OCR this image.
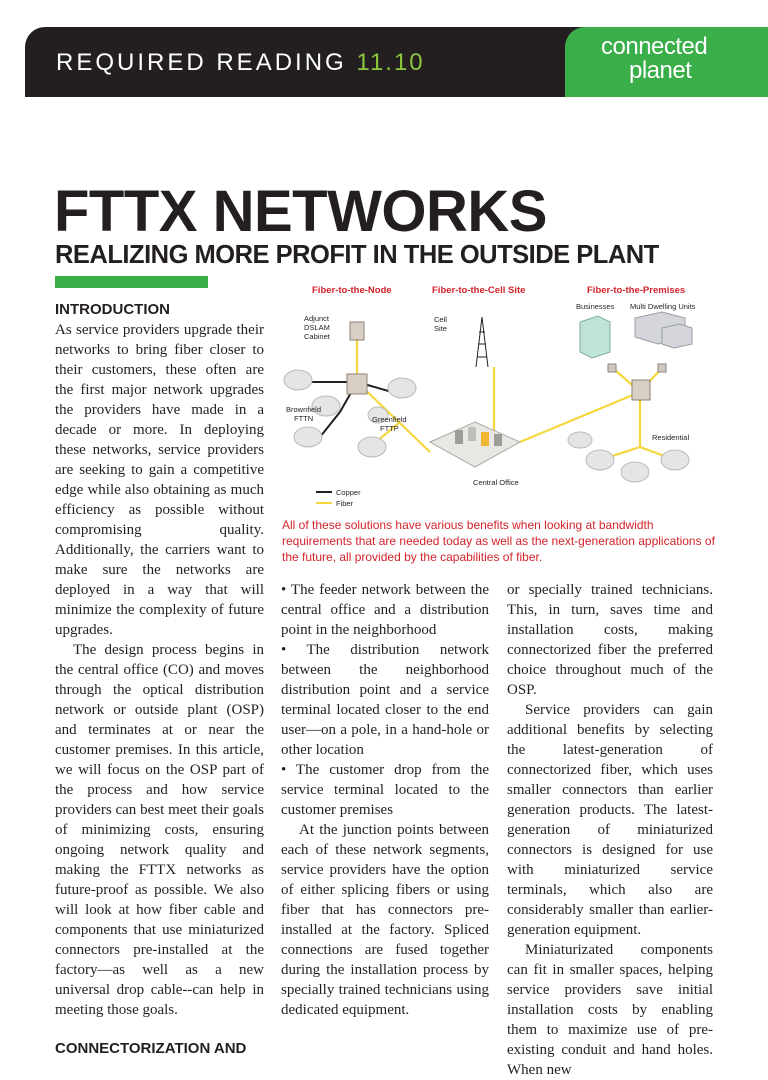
REQUIRED READING 11.10
connected
planet
FTTX NETWORKS
REALIZING MORE PROFIT IN THE OUTSIDE PLANT

INTRODUCTION

As service providers upgrade their networks to bring fiber closer to their customers, these often are the first major network upgrades the providers have made in a decade or more. In deploying these networks, service providers are seeking to gain a competitive edge while also obtaining as much efficiency as possible without compromising quality. Additionally, the carriers want to make sure the networks are deployed in a way that will minimize the complexity of future upgrades.

The design process begins in the central office (CO) and moves through the optical distribution network or outside plant (OSP) and terminates at or near the customer premises. In this article, we will focus on the OSP part of the process and how service providers can best meet their goals of minimizing costs, ensuring ongoing network quality and making the FTTX networks as future-proof as possible. We also will look at how fiber cable and components that use miniaturized connectors pre-installed at the factory—as well as a new universal drop cable--can help in meeting those goals.

CONNECTORIZATION AND

Fiber-to-the-Node	Fiber-to-the-Cell Site	Fiber-to-the-Premises
Adjunct
DSLAM
Cabinet
Cell
Site
Businesses Multi Dwelling Units
Brownfield
FTTN	Greenfield
FTTP
Residential
Central Office
Copper
Fiber
All of these solutions have various benefits when looking at bandwidth requirements that are needed today as well as the next-generation applications of the future, all provided by the capabilities of fiber.

• The feeder network between the central office and a distribution point in the neighborhood

• The distribution network between the neighborhood distribution point and a service terminal located closer to the end user—on a pole, in a hand-hole or other location

• The customer drop from the service terminal located to the customer premises

At the junction points between each of these network segments, service providers have the option of either splicing fibers or using fiber that has connectors pre-installed at the factory. Spliced connections are fused together during the installation process by specially trained technicians using dedicated equipment.

or specially trained technicians. This, in turn, saves time and installation costs, making connectorized fiber the preferred choice throughout much of the OSP.

Service providers can gain additional benefits by selecting the latest-generation of connectorized fiber, which uses smaller connectors than earlier generation products. The latest-generation of miniaturized connectors is designed for use with miniaturized service terminals, which also are considerably smaller than earlier-generation equipment.

Miniaturizated components can fit in smaller spaces, helping service providers save initial installation costs by enabling them to maximize use of pre-existing conduit and hand holes. When new
